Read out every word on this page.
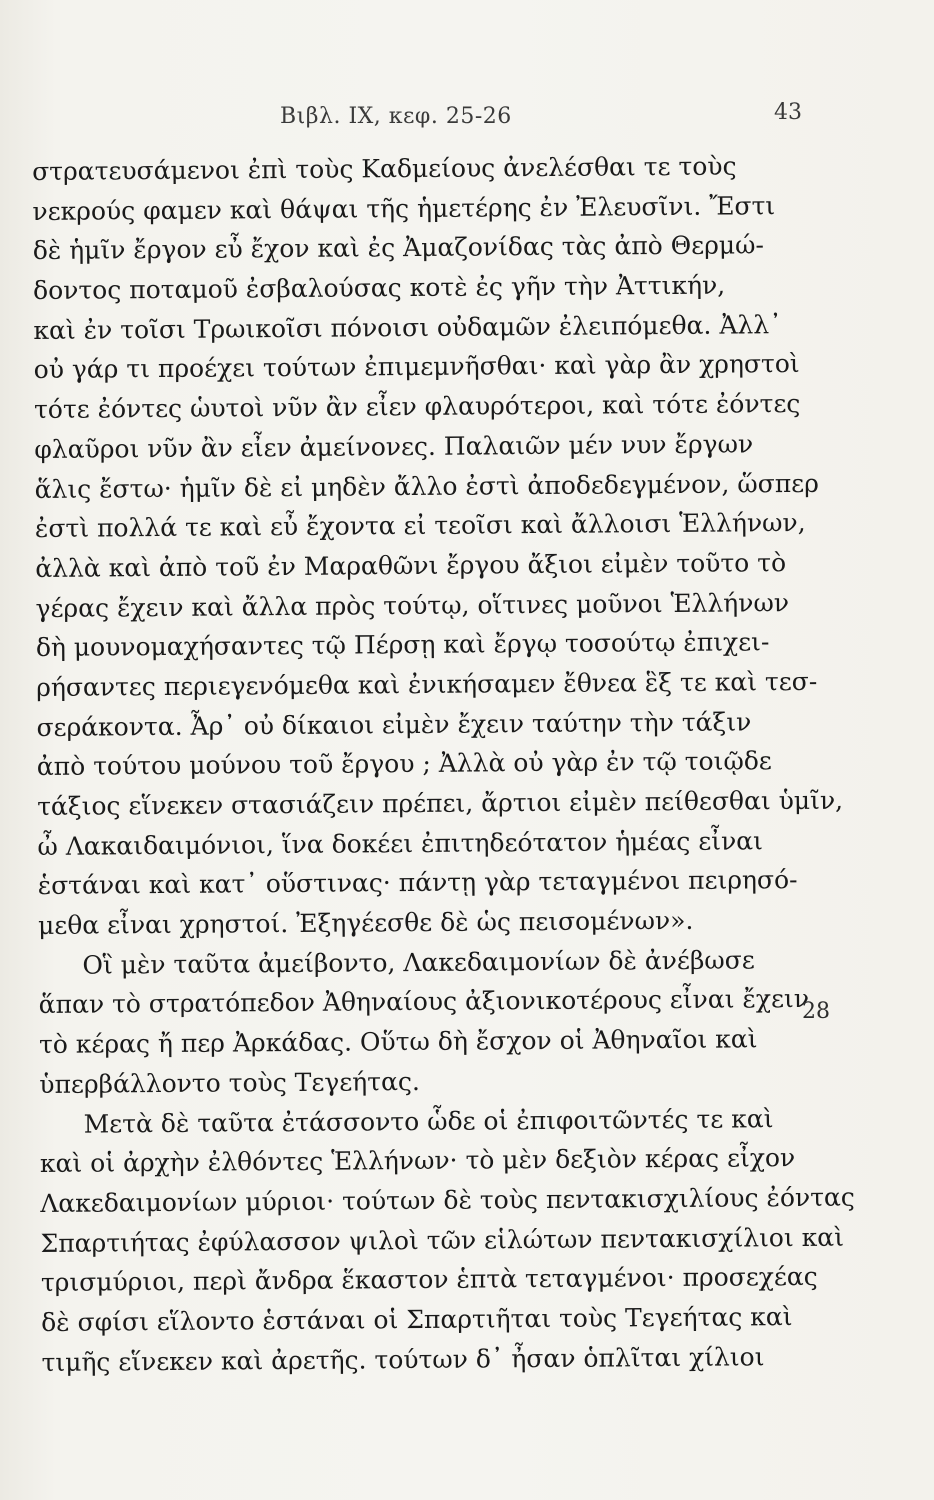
Βιβλ. ΙΧ, κεφ. 25-26	43
στρατευσάμενοι ἐπὶ τοὺς Καδμείους ἀνελέσθαι τε τοὺς
νεκρούς φαμεν καὶ θάψαι τῆς ἡμετέρης ἐν Ἐλευσῖνι. Ἔστι
δὲ ἡμῖν ἔργον εὖ ἔχον καὶ ἐς Ἀμαζονίδας τὰς ἀπὸ Θερμώ-
δοντος ποταμοῦ ἐσβαλούσας κοτὲ ἐς γῆν τὴν Ἀττικήν,
καὶ ἐν τοῖσι Τρωικοῖσι πόνοισι οὐδαμῶν ἐλειπόμεθα. Ἀλλ᾽
οὐ γάρ τι προέχει τούτων ἐπιμεμνῆσθαι· καὶ γὰρ ἂν χρηστοὶ
τότε ἐόντες ὡυτοὶ νῦν ἂν εἶεν φλαυρότεροι, καὶ τότε ἐόντες
φλαῦροι νῦν ἂν εἶεν ἀμείνονες. Παλαιῶν μέν νυν ἔργων
ἅλις ἔστω· ἡμῖν δὲ εἰ μηδὲν ἄλλο ἐστὶ ἀποδεδεγμένον, ὥσπερ
ἐστὶ πολλά τε καὶ εὖ ἔχοντα εἰ τεοῖσι καὶ ἄλλοισι Ἑλλήνων,
ἀλλὰ καὶ ἀπὸ τοῦ ἐν Μαραθῶνι ἔργου ἄξιοι εἰμὲν τοῦτο τὸ
γέρας ἔχειν καὶ ἄλλα πρὸς τούτῳ, οἵτινες μοῦνοι Ἑλλήνων
δὴ μουνομαχήσαντες τῷ Πέρσῃ καὶ ἔργῳ τοσούτῳ ἐπιχει-
ρήσαντες περιεγενόμεθα καὶ ἐνικήσαμεν ἔθνεα ἓξ τε καὶ τεσ-
σεράκοντα. Ἆρ᾽ οὐ δίκαιοι εἰμὲν ἔχειν ταύτην τὴν τάξιν
ἀπὸ τούτου μούνου τοῦ ἔργου ; Ἀλλὰ οὐ γὰρ ἐν τῷ τοιῷδε
τάξιος εἵνεκεν στασιάζειν πρέπει, ἄρτιοι εἰμὲν πείθεσθαι ὑμῖν,
ὦ Λακαιδαιμόνιοι, ἵνα δοκέει ἐπιτηδεότατον ἡμέας εἶναι
ἑστάναι καὶ κατ᾽ οὕστινας· πάντῃ γὰρ τεταγμένοι πειρησό-
μεθα εἶναι χρηστοί. Ἐξηγέεσθε δὲ ὡς πεισομένων».
Οἳ μὲν ταῦτα ἀμείβοντο, Λακεδαιμονίων δὲ ἀνέβωσε
ἅπαν τὸ στρατόπεδον Ἀθηναίους ἀξιονικοτέρους εἶναι ἔχειν
τὸ κέρας ἤ περ Ἀρκάδας. Οὕτω δὴ ἔσχον οἱ Ἀθηναῖοι καὶ
ὑπερβάλλοντο τοὺς Τεγεήτας.
Μετὰ δὲ ταῦτα ἐτάσσοντο ὧδε οἱ ἐπιφοιτῶντές τε καὶ
καὶ οἱ ἀρχὴν ἐλθόντες Ἑλλήνων· τὸ μὲν δεξιὸν κέρας εἶχον
Λακεδαιμονίων μύριοι· τούτων δὲ τοὺς πεντακισχιλίους ἐόντας
Σπαρτιήτας ἐφύλασσον ψιλοὶ τῶν εἱλώτων πεντακισχίλιοι καὶ
τρισμύριοι, περὶ ἄνδρα ἕκαστον ἑπτὰ τεταγμένοι· προσεχέας
δὲ σφίσι εἵλοντο ἑστάναι οἱ Σπαρτιῆται τοὺς Τεγεήτας καὶ
τιμῆς εἵνεκεν καὶ ἀρετῆς. τούτων δ᾽ ἦσαν ὁπλῖται χίλιοι
28
